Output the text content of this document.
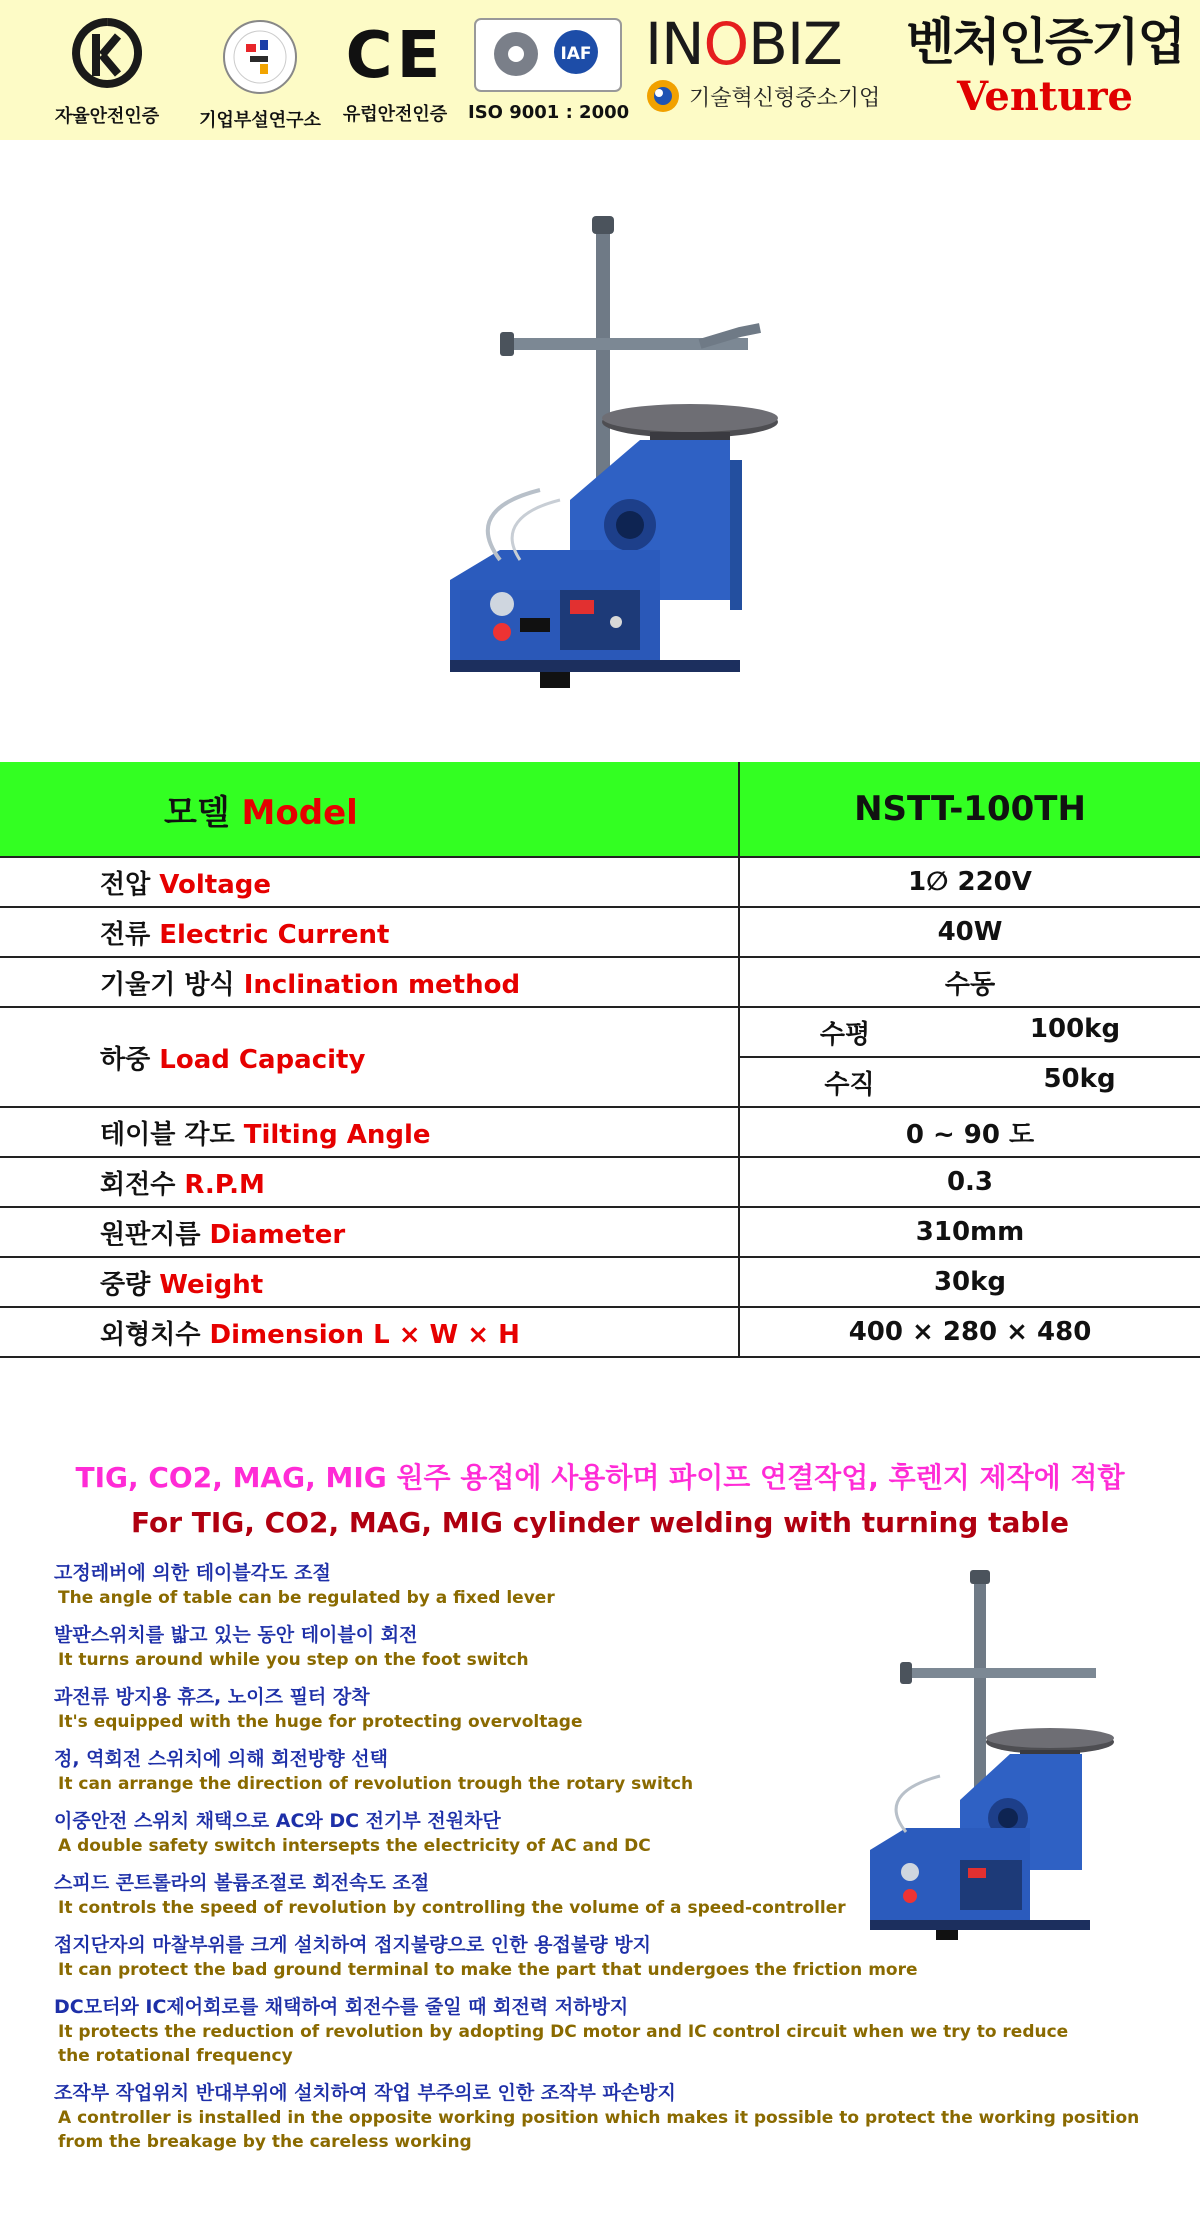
자율안전인증	기업부설연구소
CE
유럽안전인증
IAF
ISO 9001 : 2000
INOBIZ
기술혁신형중소기업
벤처인증기업
Venture
모델 Model	NSTT-100TH
전압 Voltage	1∅ 220V
전류 Electric Current	40W
기울기 방식 Inclination method	수동
하중 Load Capacity	수평 100kg

	수직 50kg

테이블 각도 Tilting Angle	0 ~ 90 도
회전수 R.P.M	0.3
원판지름 Diameter	310mm
중량 Weight	30kg
외형치수 Dimension L × W × H	400 × 280 × 480
TIG, CO2, MAG, MIG 원주 용접에 사용하며 파이프 연결작업, 후렌지 제작에 적합
For TIG, CO2, MAG, MIG cylinder welding with turning table
고정레버에 의한 테이블각도 조절
The angle of table can be regulated by a fixed lever
발판스위치를 밟고 있는 동안 테이블이 회전
It turns around while you step on the foot switch
과전류 방지용 휴즈, 노이즈 필터 장착
It's equipped with the huge for protecting overvoltage
정, 역회전 스위치에 의해 회전방향 선택
It can arrange the direction of revolution trough the rotary switch
이중안전 스위치 채택으로 AC와 DC 전기부 전원차단
A double safety switch intersepts the electricity of AC and DC
스피드 콘트롤라의 볼륨조절로 회전속도 조절
It controls the speed of revolution by controlling the volume of a speed-controller
접지단자의 마찰부위를 크게 설치하여 접지불량으로 인한 용접불량 방지
It can protect the bad ground terminal to make the part that undergoes the friction more
DC모터와 IC제어회로를 채택하여 회전수를 줄일 때 회전력 저하방지
It protects the reduction of revolution by adopting DC motor and IC control circuit when we try to reduce
the rotational frequency
조작부 작업위치 반대부위에 설치하여 작업 부주의로 인한 조작부 파손방지
A controller is installed in the opposite working position which makes it possible to protect the working position
from the breakage by the careless working
